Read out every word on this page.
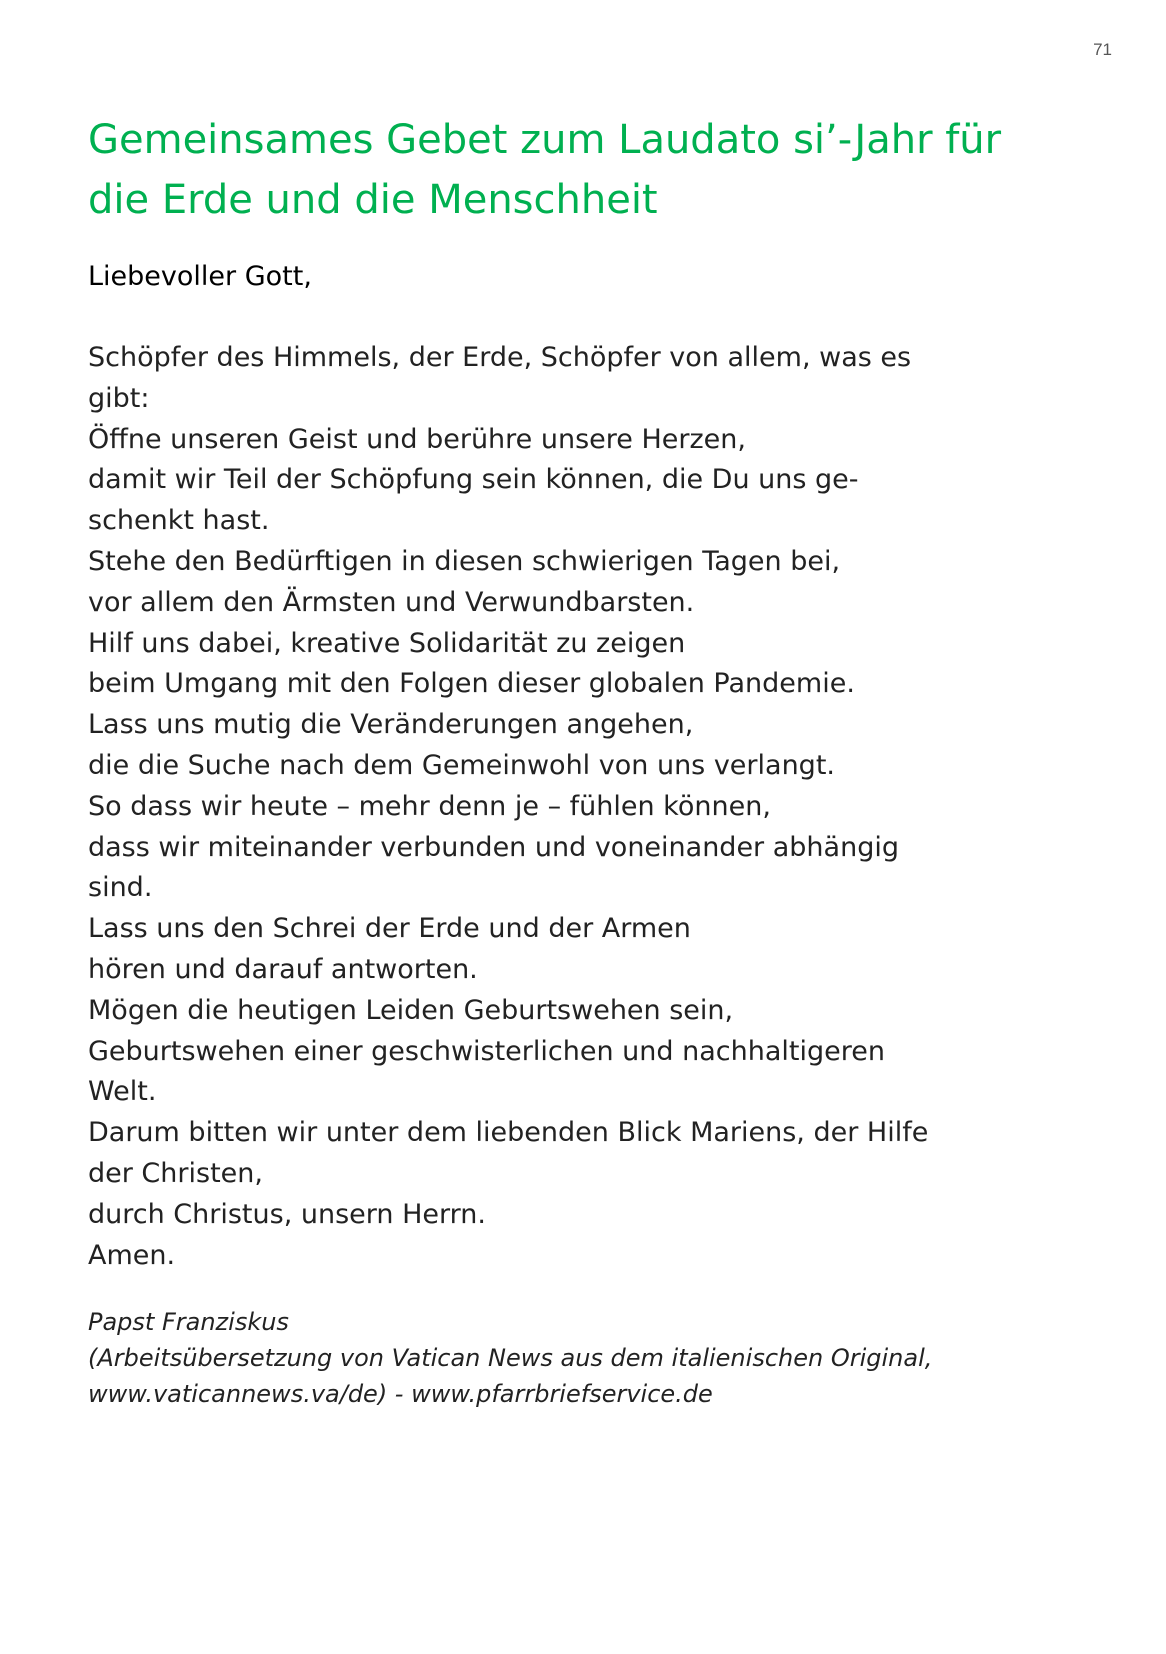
71
Gemeinsames Gebet zum Laudato si’-Jahr für
die Erde und die Menschheit

Liebevoller Gott,

Schöpfer des Himmels, der Erde, Schöpfer von allem, was es
gibt:
Öffne unseren Geist und berühre unsere Herzen,
damit wir Teil der Schöpfung sein können, die Du uns ge-
schenkt hast.
Stehe den Bedürftigen in diesen schwierigen Tagen bei,
vor allem den Ärmsten und Verwundbarsten.
Hilf uns dabei, kreative Solidarität zu zeigen
beim Umgang mit den Folgen dieser globalen Pandemie.
Lass uns mutig die Veränderungen angehen,
die die Suche nach dem Gemeinwohl von uns verlangt.
So dass wir heute – mehr denn je – fühlen können,
dass wir miteinander verbunden und voneinander abhängig
sind.
Lass uns den Schrei der Erde und der Armen
hören und darauf antworten.
Mögen die heutigen Leiden Geburtswehen sein,
Geburtswehen einer geschwisterlichen und nachhaltigeren
Welt.
Darum bitten wir unter dem liebenden Blick Mariens, der Hilfe
der Christen,
durch Christus, unsern Herrn.
Amen.
Papst Franziskus
(Arbeitsübersetzung von Vatican News aus dem italienischen Original,
www.vaticannews.va/de) - www.pfarrbriefservice.de
